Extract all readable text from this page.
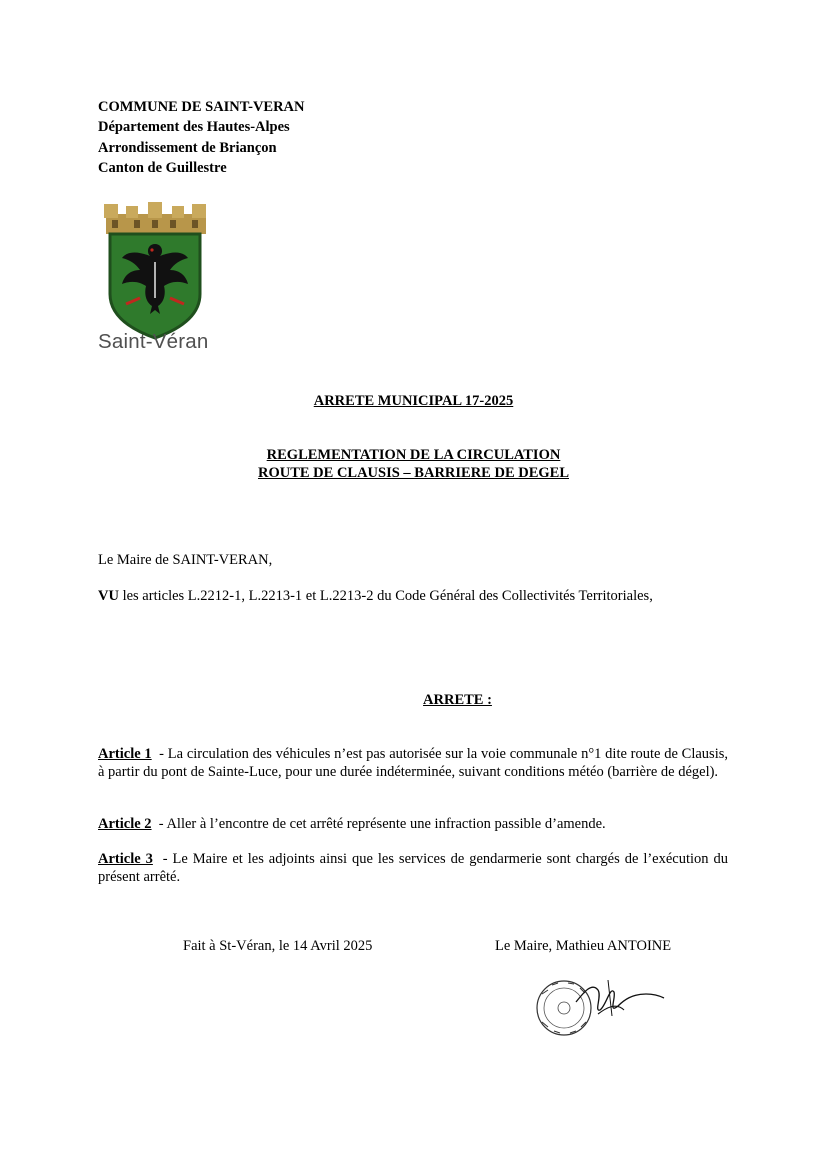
COMMUNE DE SAINT-VERAN
Département des Hautes-Alpes
Arrondissement de Briançon
Canton de Guillestre
Saint-Véran
ARRETE MUNICIPAL 17-2025
REGLEMENTATION DE LA CIRCULATION
ROUTE DE CLAUSIS – BARRIERE DE DEGEL
Le Maire de SAINT-VERAN,
VU les articles L.2212-1, L.2213-1 et L.2213-2 du Code Général des Collectivités Territoriales,
ARRETE :
Article 1  - La circulation des véhicules n’est pas autorisée sur la voie communale n°1 dite route de Clausis, à partir du pont de Sainte-Luce, pour une durée indéterminée, suivant conditions météo (barrière de dégel).
Article 2  - Aller à l’encontre de cet arrêté représente une infraction passible d’amende.
Article 3  - Le Maire et les adjoints ainsi que les services de gendarmerie sont chargés de l’exécution du présent arrêté.
Fait à St-Véran, le 14 Avril 2025	Le Maire, Mathieu ANTOINE
